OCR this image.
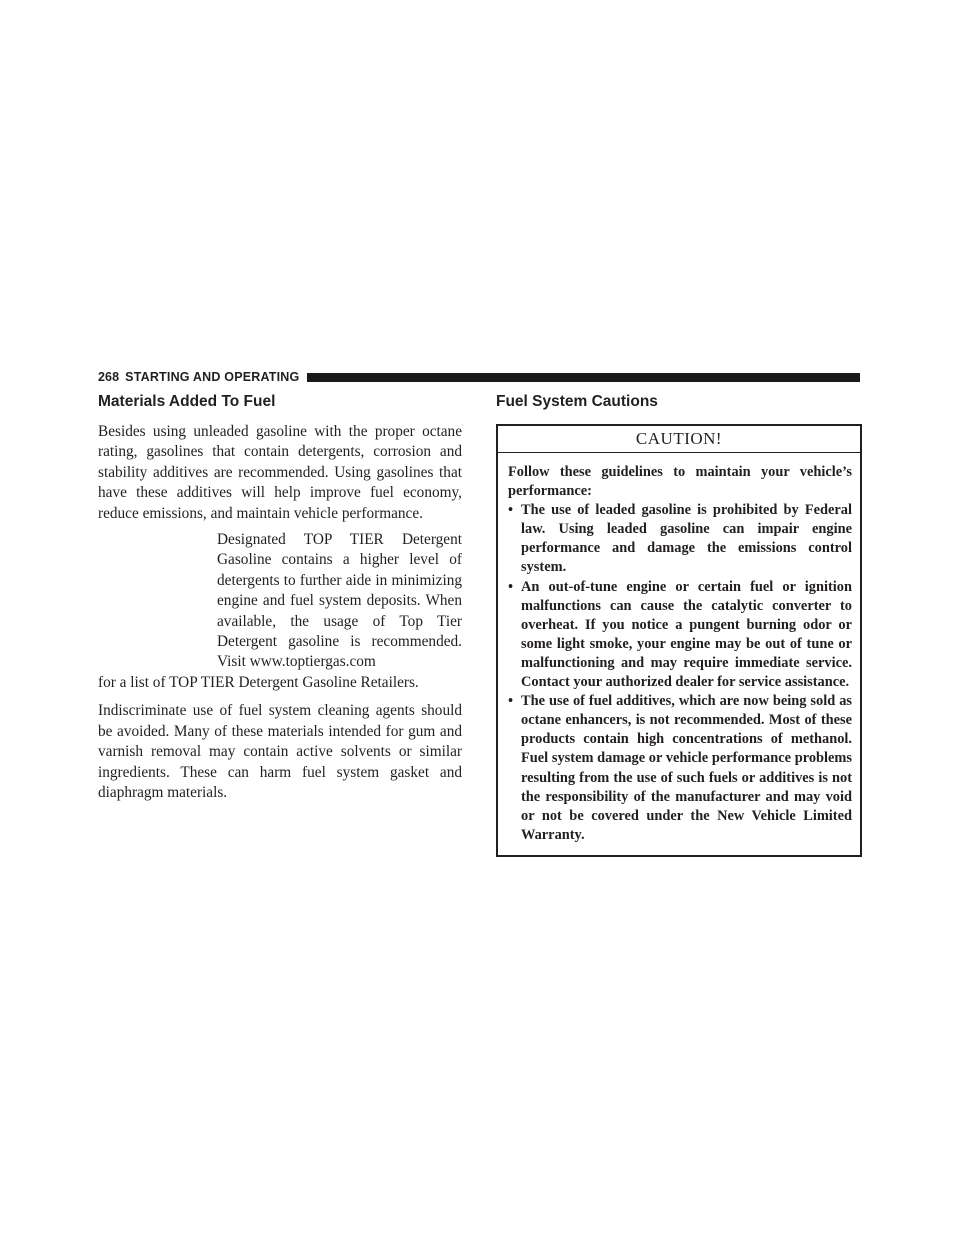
268 STARTING AND OPERATING
Materials Added To Fuel

Besides using unleaded gasoline with the proper octane rating, gasolines that contain detergents, corrosion and stability additives are recommended. Using gasolines that have these additives will help improve fuel economy, reduce emissions, and maintain vehicle performance.

Designated TOP TIER Detergent Gasoline contains a higher level of detergents to further aide in minimizing engine and fuel system deposits. When available, the usage of Top Tier Detergent gasoline is recommended. Visit www.toptiergas.com

for a list of TOP TIER Detergent Gasoline Retailers.

Indiscriminate use of fuel system cleaning agents should be avoided. Many of these materials intended for gum and varnish removal may contain active solvents or similar ingredients. These can harm fuel system gasket and diaphragm materials.

Fuel System Cautions
CAUTION!

Follow these guidelines to maintain your vehicle’s performance:

• The use of leaded gasoline is prohibited by Federal law. Using leaded gasoline can impair engine performance and damage the emissions control system.
• An out-of-tune engine or certain fuel or ignition malfunctions can cause the catalytic converter to overheat. If you notice a pungent burning odor or some light smoke, your engine may be out of tune or malfunctioning and may require immediate service. Contact your authorized dealer for service assistance.
• The use of fuel additives, which are now being sold as octane enhancers, is not recommended. Most of these products contain high concentrations of methanol. Fuel system damage or vehicle performance problems resulting from the use of such fuels or additives is not the responsibility of the manufacturer and may void or not be covered under the New Vehicle Limited Warranty.
